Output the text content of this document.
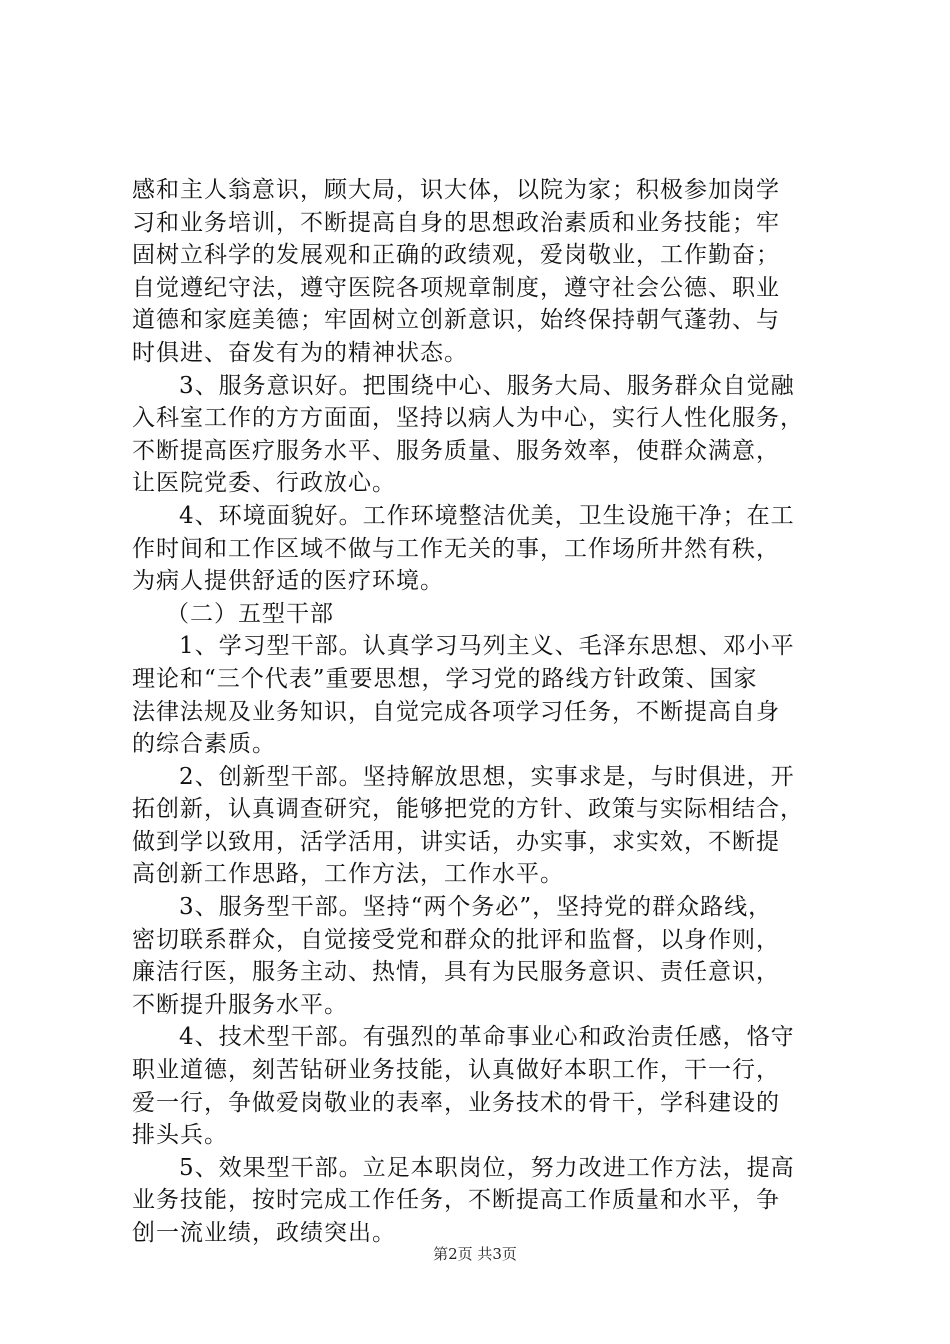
感和主人翁意识，顾大局，识大体，以院为家；积极参加岗学
习和业务培训，不断提高自身的思想政治素质和业务技能；牢
固树立科学的发展观和正确的政绩观，爱岗敬业，工作勤奋；
自觉遵纪守法，遵守医院各项规章制度，遵守社会公德、职业
道德和家庭美德；牢固树立创新意识，始终保持朝气蓬勃、与
时俱进、奋发有为的精神状态。
3、服务意识好。把围绕中心、服务大局、服务群众自觉融
入科室工作的方方面面，坚持以病人为中心，实行人性化服务，
不断提高医疗服务水平、服务质量、服务效率，使群众满意，
让医院党委、行政放心。
4、环境面貌好。工作环境整洁优美，卫生设施干净；在工
作时间和工作区域不做与工作无关的事，工作场所井然有秩，
为病人提供舒适的医疗环境。
（二）五型干部
1、学习型干部。认真学习马列主义、毛泽东思想、邓小平
理论和“三个代表”重要思想，学习党的路线方针政策、国家
法律法规及业务知识，自觉完成各项学习任务，不断提高自身
的综合素质。
2、创新型干部。坚持解放思想，实事求是，与时俱进，开
拓创新，认真调查研究，能够把党的方针、政策与实际相结合，
做到学以致用，活学活用，讲实话，办实事，求实效，不断提
高创新工作思路，工作方法，工作水平。
3、服务型干部。坚持“两个务必”，坚持党的群众路线，
密切联系群众，自觉接受党和群众的批评和监督，以身作则，
廉洁行医，服务主动、热情，具有为民服务意识、责任意识，
不断提升服务水平。
4、技术型干部。有强烈的革命事业心和政治责任感，恪守
职业道德，刻苦钻研业务技能，认真做好本职工作，干一行，
爱一行，争做爱岗敬业的表率，业务技术的骨干，学科建设的
排头兵。
5、效果型干部。立足本职岗位，努力改进工作方法，提高
业务技能，按时完成工作任务，不断提高工作质量和水平，争
创一流业绩，政绩突出。
第2页 共3页
